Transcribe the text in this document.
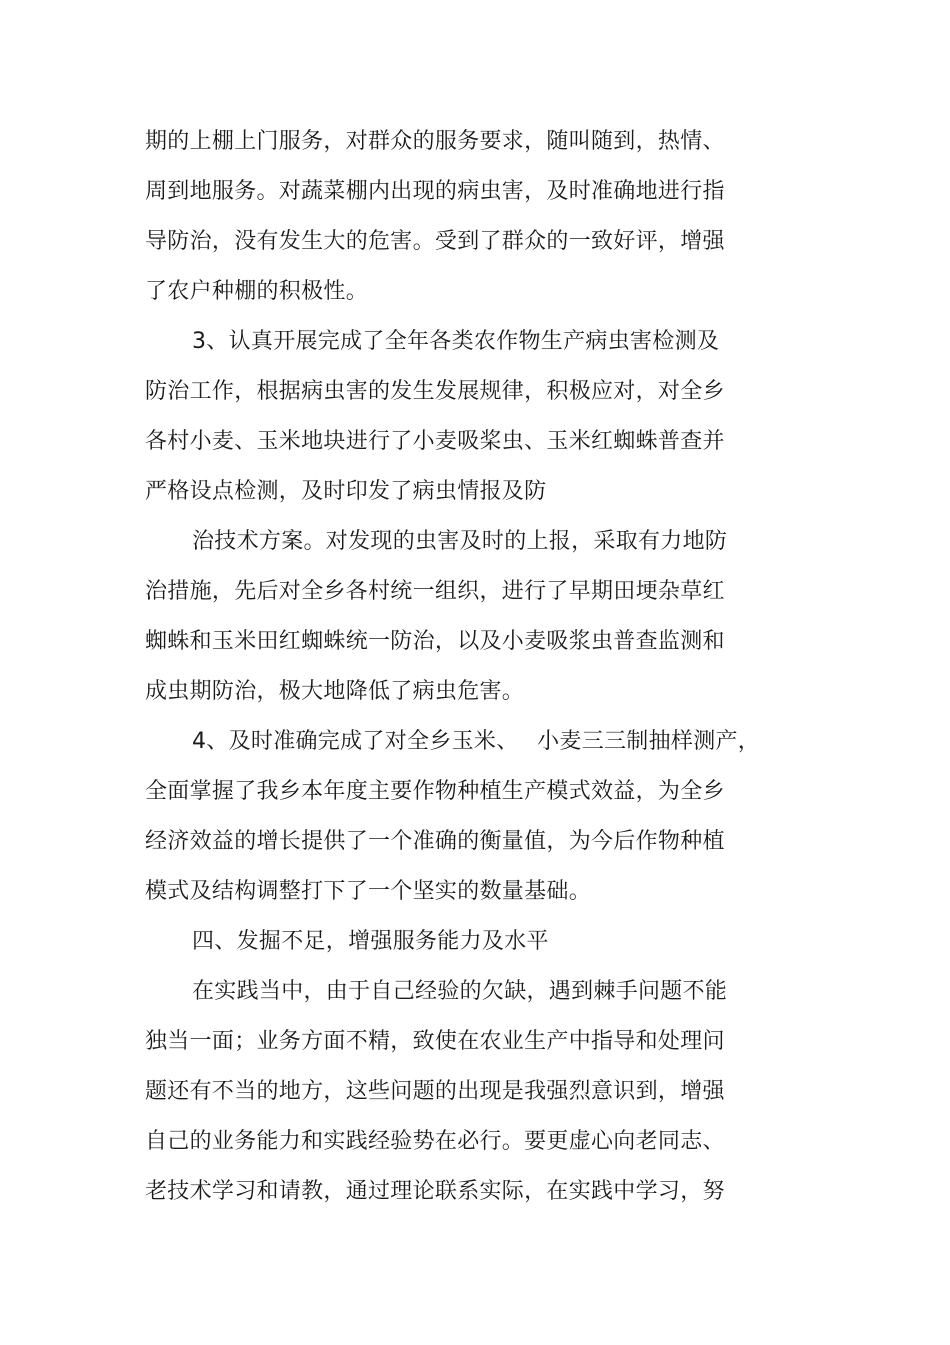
期的上棚上门服务，对群众的服务要求，随叫随到，热情、
周到地服务。对蔬菜棚内出现的病虫害，及时准确地进行指
导防治，没有发生大的危害。受到了群众的一致好评，增强
了农户种棚的积极性。
3、认真开展完成了全年各类农作物生产病虫害检测及
防治工作，根据病虫害的发生发展规律，积极应对，对全乡
各村小麦、玉米地块进行了小麦吸桨虫、玉米红蜘蛛普查并
严格设点检测，及时印发了病虫情报及防
治技术方案。对发现的虫害及时的上报，采取有力地防
治措施，先后对全乡各村统一组织，进行了早期田埂杂草红
蜘蛛和玉米田红蜘蛛统一防治，以及小麦吸浆虫普查监测和
成虫期防治，极大地降低了病虫危害。
4、及时准确完成了对全乡玉米、　 小麦三三制抽样测产，
全面掌握了我乡本年度主要作物种植生产模式效益，为全乡
经济效益的增长提供了一个准确的衡量值，为今后作物种植
模式及结构调整打下了一个坚实的数量基础。
四、发掘不足，增强服务能力及水平
在实践当中，由于自己经验的欠缺，遇到棘手问题不能
独当一面；业务方面不精，致使在农业生产中指导和处理问
题还有不当的地方，这些问题的出现是我强烈意识到，增强
自己的业务能力和实践经验势在必行。要更虚心向老同志、
老技术学习和请教，通过理论联系实际，在实践中学习，努
